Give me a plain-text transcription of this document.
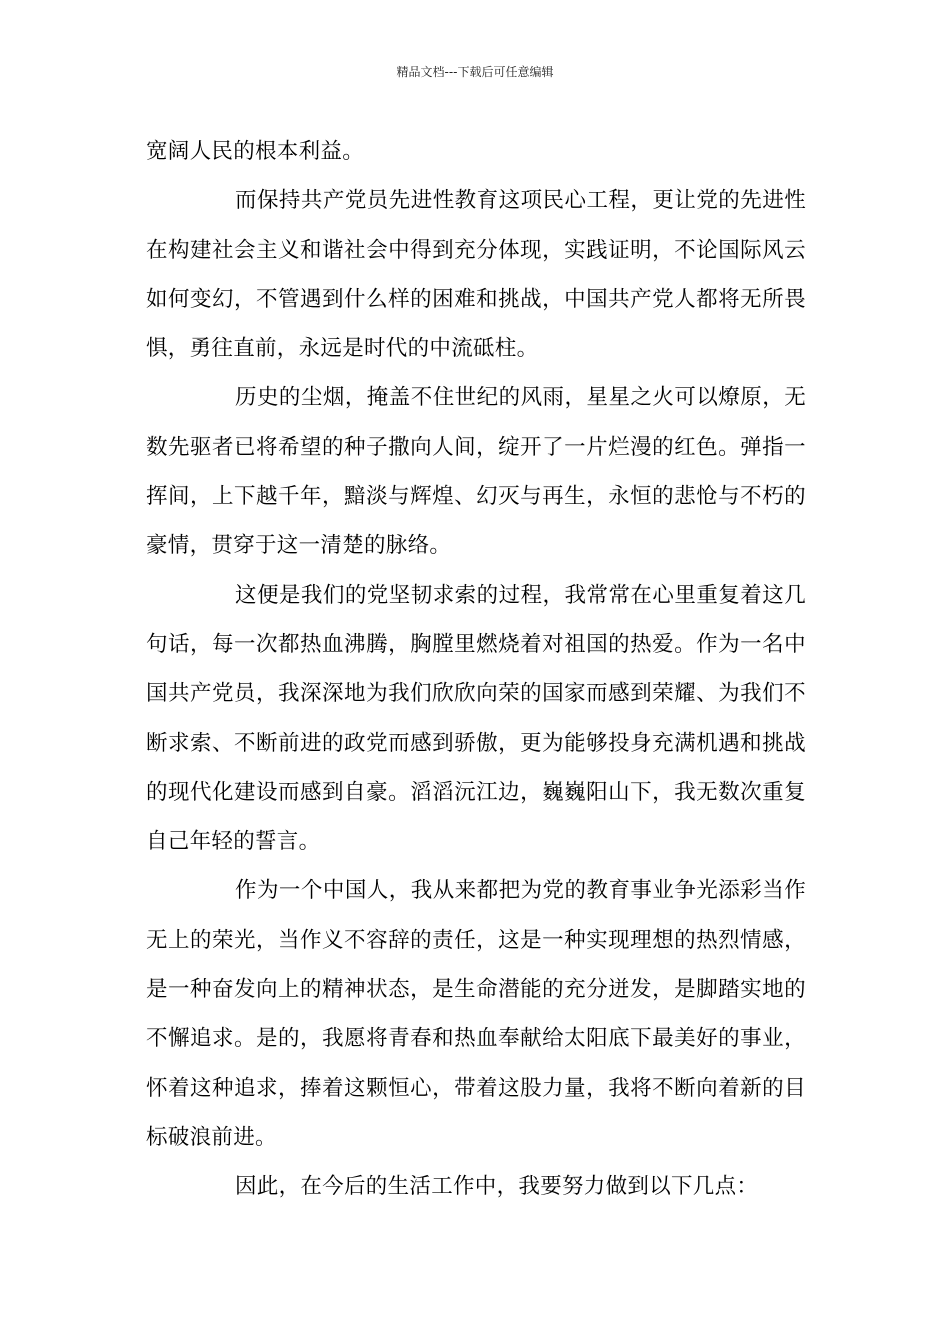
精品文档---下载后可任意编辑

宽阔人民的根本利益。

而保持共产党员先进性教育这项民心工程，更让党的先进性在构建社会主义和谐社会中得到充分体现，实践证明，不论国际风云如何变幻，不管遇到什么样的困难和挑战，中国共产党人都将无所畏惧，勇往直前，永远是时代的中流砥柱。

历史的尘烟，掩盖不住世纪的风雨，星星之火可以燎原，无数先驱者已将希望的种子撒向人间，绽开了一片烂漫的红色。弹指一挥间，上下越千年，黯淡与辉煌、幻灭与再生，永恒的悲怆与不朽的豪情，贯穿于这一清楚的脉络。

这便是我们的党坚韧求索的过程，我常常在心里重复着这几句话，每一次都热血沸腾，胸膛里燃烧着对祖国的热爱。作为一名中国共产党员，我深深地为我们欣欣向荣的国家而感到荣耀、为我们不断求索、不断前进的政党而感到骄傲，更为能够投身充满机遇和挑战的现代化建设而感到自豪。滔滔沅江边，巍巍阳山下，我无数次重复自己年轻的誓言。

作为一个中国人，我从来都把为党的教育事业争光添彩当作无上的荣光，当作义不容辞的责任，这是一种实现理想的热烈情感，是一种奋发向上的精神状态，是生命潜能的充分迸发，是脚踏实地的不懈追求。是的，我愿将青春和热血奉献给太阳底下最美好的事业，怀着这种追求，捧着这颗恒心，带着这股力量，我将不断向着新的目标破浪前进。

因此，在今后的生活工作中，我要努力做到以下几点：
